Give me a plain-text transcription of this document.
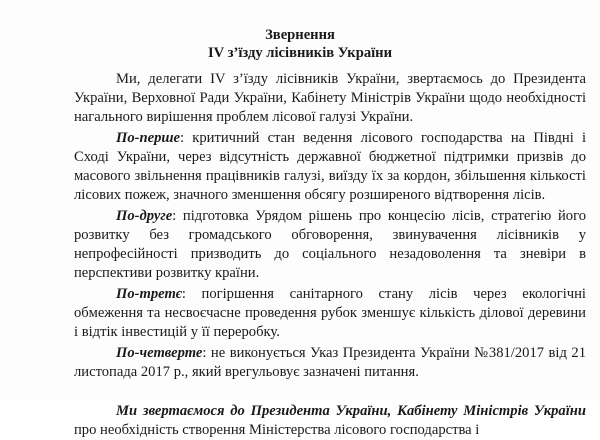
Звернення
IV з’їзду лісівників України

Ми, делегати IV з’їзду лісівників України, звертаємось до Президента України, Верховної Ради України, Кабінету Міністрів України щодо необхідності нагального вирішення проблем лісової галузі України.

По-перше: критичний стан ведення лісового господарства на Півдні і Сході України, через відсутність державної бюджетної підтримки призвів до масового звільнення працівників галузі, виїзду їх за кордон, збільшення кількості лісових пожеж, значного зменшення обсягу розширеного відтворення лісів.

По-друге: підготовка Урядом рішень про концесію лісів, стратегію його розвитку без громадського обговорення, звинувачення лісівників у непрофесійності призводить до соціального незадоволення та зневіри в перспективи розвитку країни.

По-третє: погіршення санітарного стану лісів через екологічні обмеження та несвоєчасне проведення рубок зменшує кількість ділової деревини і відтік інвестицій у її переробку.

По-четверте: не виконується Указ Президента України №381/2017 від 21 листопада 2017 р., який врегульовує зазначені питання.

Ми звертаємося до Президента України, Кабінету Міністрів України про необхідність створення Міністерства лісового господарства і
